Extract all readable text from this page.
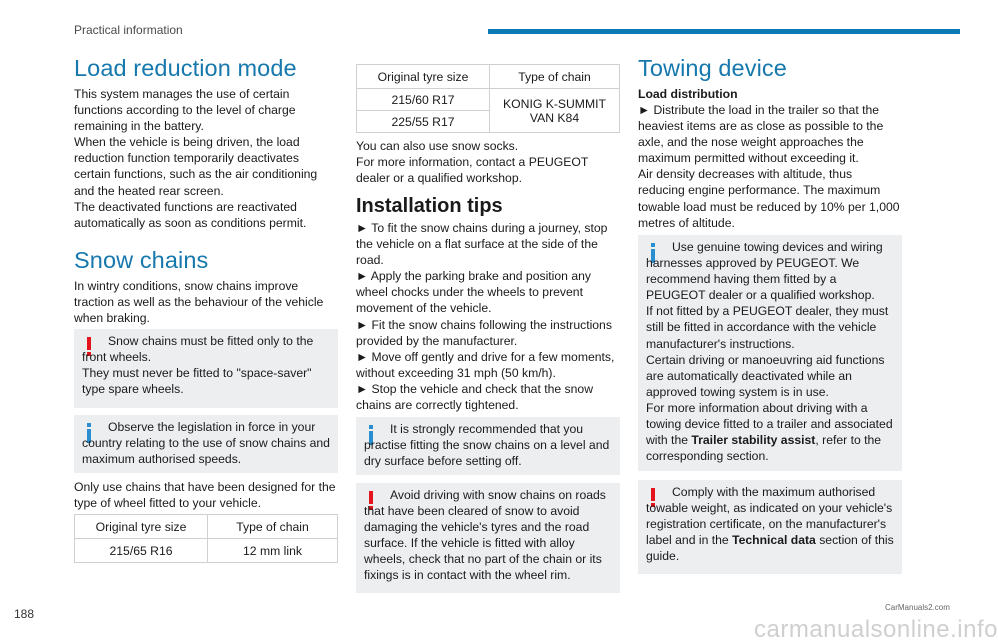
Practical information
Load reduction mode

This system manages the use of certain functions according to the level of charge remaining in the battery.
When the vehicle is being driven, the load reduction function temporarily deactivates certain functions, such as the air conditioning and the heated rear screen.
The deactivated functions are reactivated automatically as soon as conditions permit.

Snow chains

In wintry conditions, snow chains improve traction as well as the behaviour of the vehicle when braking.

Snow chains must be fitted only to the front wheels.
They must never be fitted to "space-saver" type spare wheels.
Observe the legislation in force in your country relating to the use of snow chains and maximum authorised speeds.

Only use chains that have been designed for the type of wheel fitted to your vehicle.

Original tyre size	Type of chain
215/65 R16	12 mm link
Original tyre size	Type of chain
215/60 R17	KONIG K-SUMMIT VAN K84
225/55 R17	

You can also use snow socks.
For more information, contact a PEUGEOT dealer or a qualified workshop.

Installation tips

► To fit the snow chains during a journey, stop the vehicle on a flat surface at the side of the road.
► Apply the parking brake and position any wheel chocks under the wheels to prevent movement of the vehicle.
► Fit the snow chains following the instructions provided by the manufacturer.
► Move off gently and drive for a few moments, without exceeding 31 mph (50 km/h).
► Stop the vehicle and check that the snow chains are correctly tightened.

It is strongly recommended that you practise fitting the snow chains on a level and dry surface before setting off.
Avoid driving with snow chains on roads that have been cleared of snow to avoid damaging the vehicle's tyres and the road surface. If the vehicle is fitted with alloy wheels, check that no part of the chain or its fixings is in contact with the wheel rim.
Towing device
Load distribution

► Distribute the load in the trailer so that the heaviest items are as close as possible to the axle, and the nose weight approaches the maximum permitted without exceeding it.
Air density decreases with altitude, thus reducing engine performance. The maximum towable load must be reduced by 10% per 1,000 metres of altitude.

Use genuine towing devices and wiring harnesses approved by PEUGEOT. We recommend having them fitted by a PEUGEOT dealer or a qualified workshop.
If not fitted by a PEUGEOT dealer, they must still be fitted in accordance with the vehicle manufacturer's instructions.
Certain driving or manoeuvring aid functions are automatically deactivated while an approved towing system is in use.
For more information about driving with a towing device fitted to a trailer and associated with the Trailer stability assist, refer to the corresponding section.
Comply with the maximum authorised towable weight, as indicated on your vehicle's registration certificate, on the manufacturer's label and in the Technical data section of this guide.
188
carmanualsonline.info
CarManuals2.com
